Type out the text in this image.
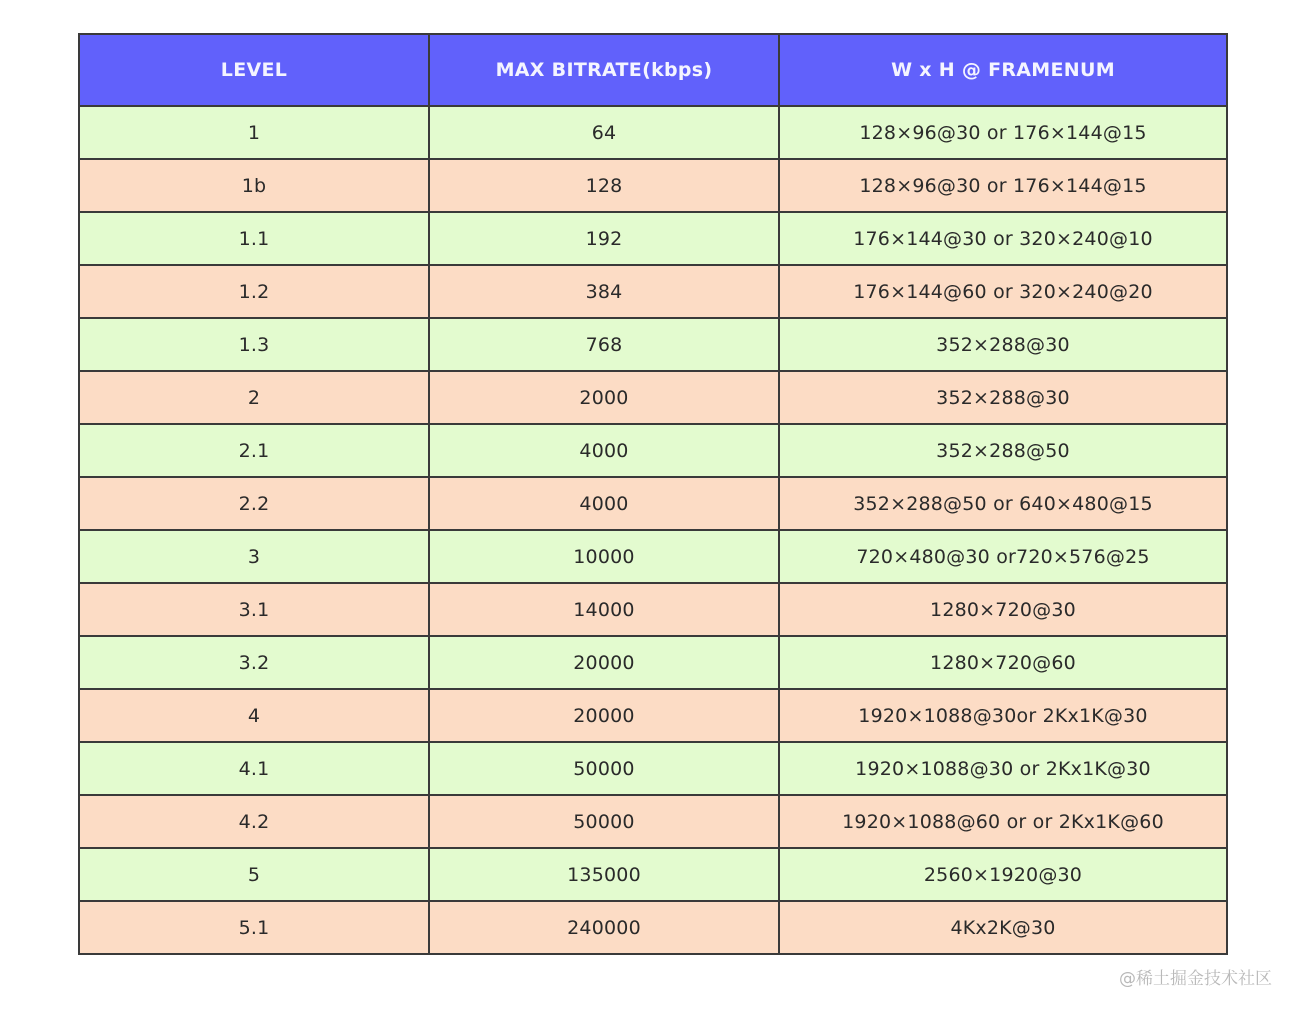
LEVEL	MAX BITRATE(kbps)	W x H @ FRAMENUM
1	64	128×96@30 or 176×144@15
1b	128	128×96@30 or 176×144@15
1.1	192	176×144@30 or 320×240@10
1.2	384	176×144@60 or 320×240@20
1.3	768	352×288@30
2	2000	352×288@30
2.1	4000	352×288@50
2.2	4000	352×288@50 or 640×480@15
3	10000	720×480@30 or720×576@25
3.1	14000	1280×720@30
3.2	20000	1280×720@60
4	20000	1920×1088@30or 2Kx1K@30
4.1	50000	1920×1088@30 or 2Kx1K@30
4.2	50000	1920×1088@60 or or 2Kx1K@60
5	135000	2560×1920@30
5.1	240000	4Kx2K@30
@稀土掘金技术社区
